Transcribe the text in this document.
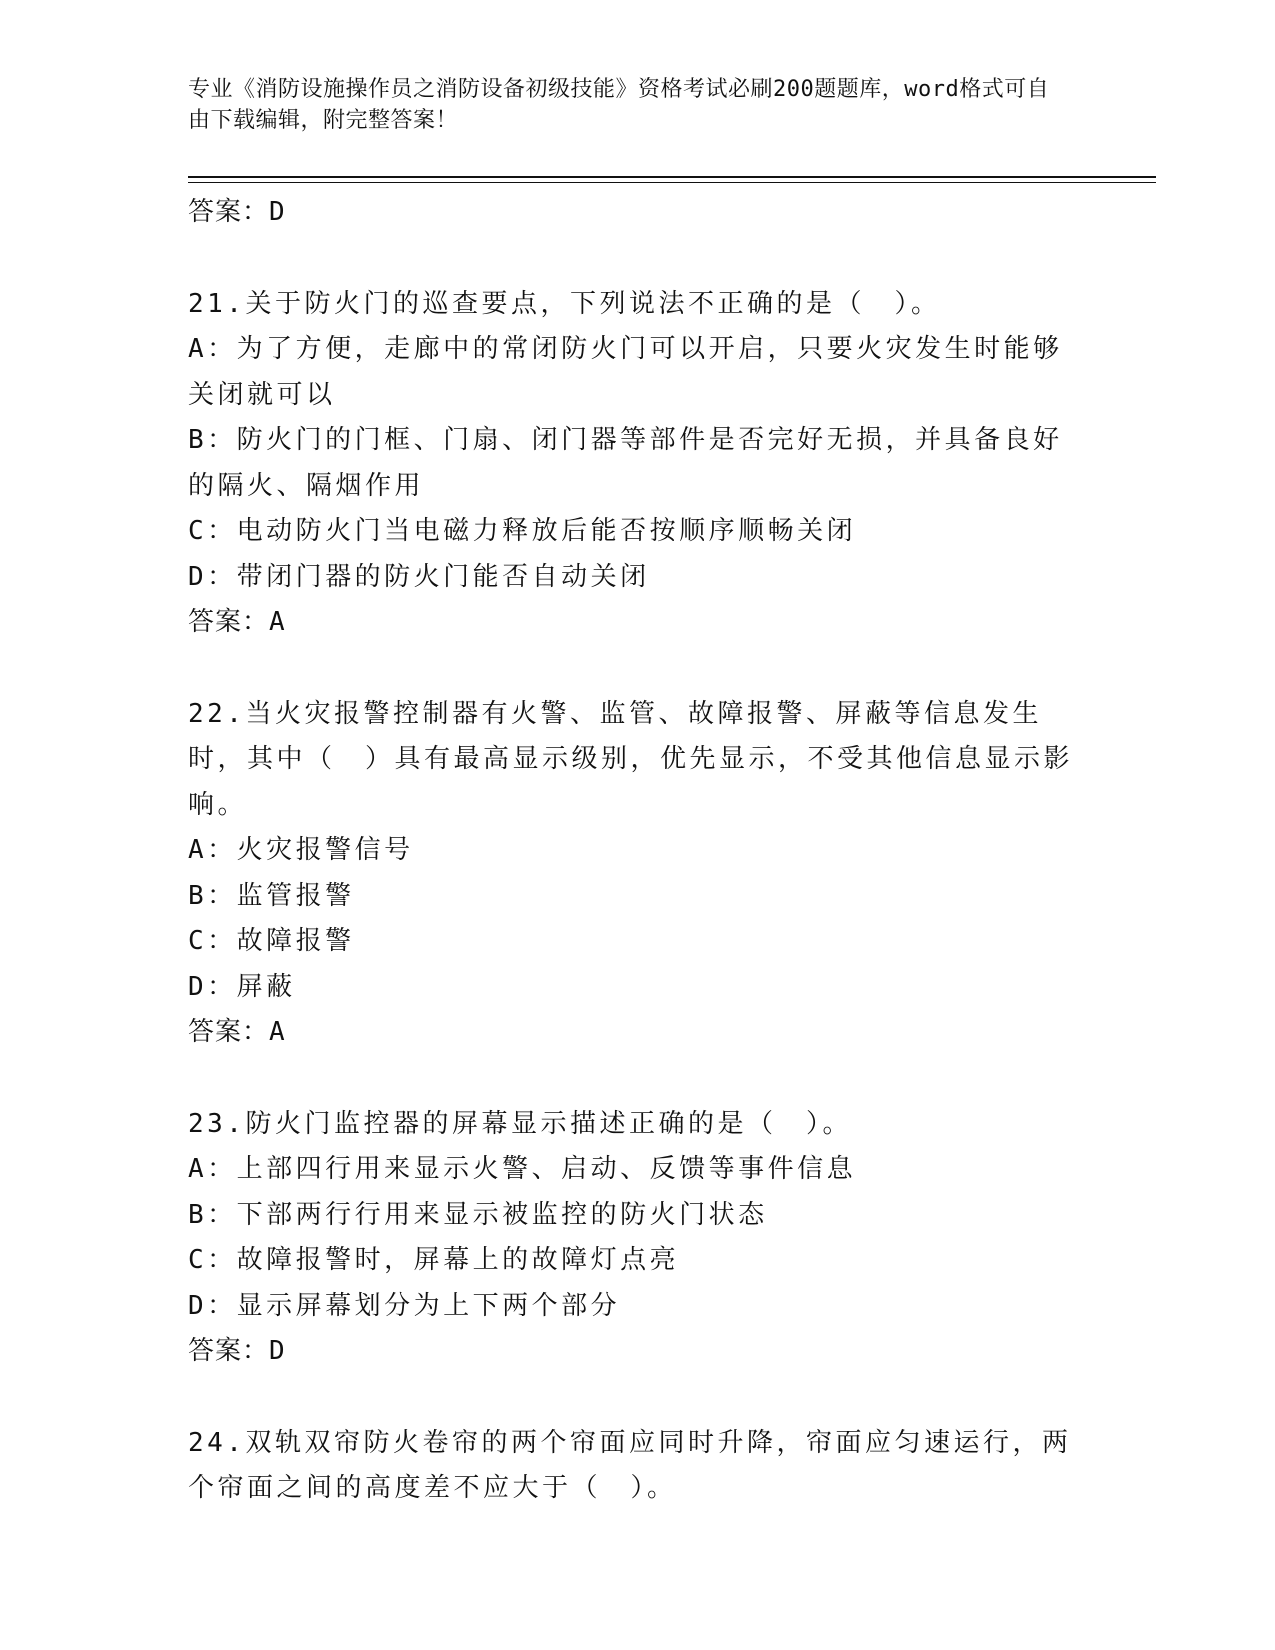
专业《消防设施操作员之消防设备初级技能》资格考试必刷200题题库，word格式可自由下载编辑，附完整答案！
答案：D
21.关于防火门的巡查要点，下列说法不正确的是（　）。
A：为了方便，走廊中的常闭防火门可以开启，只要火灾发生时能够关闭就可以
B：防火门的门框、门扇、闭门器等部件是否完好无损，并具备良好的隔火、隔烟作用
C：电动防火门当电磁力释放后能否按顺序顺畅关闭
D：带闭门器的防火门能否自动关闭
答案：A
22.当火灾报警控制器有火警、监管、故障报警、屏蔽等信息发生时，其中（　）具有最高显示级别，优先显示，不受其他信息显示影响。
A：火灾报警信号
B：监管报警
C：故障报警
D：屏蔽
答案：A
23.防火门监控器的屏幕显示描述正确的是（　）。
A：上部四行用来显示火警、启动、反馈等事件信息
B：下部两行行用来显示被监控的防火门状态
C：故障报警时，屏幕上的故障灯点亮
D：显示屏幕划分为上下两个部分
答案：D
24.双轨双帘防火卷帘的两个帘面应同时升降，帘面应匀速运行，两个帘面之间的高度差不应大于（　）。
